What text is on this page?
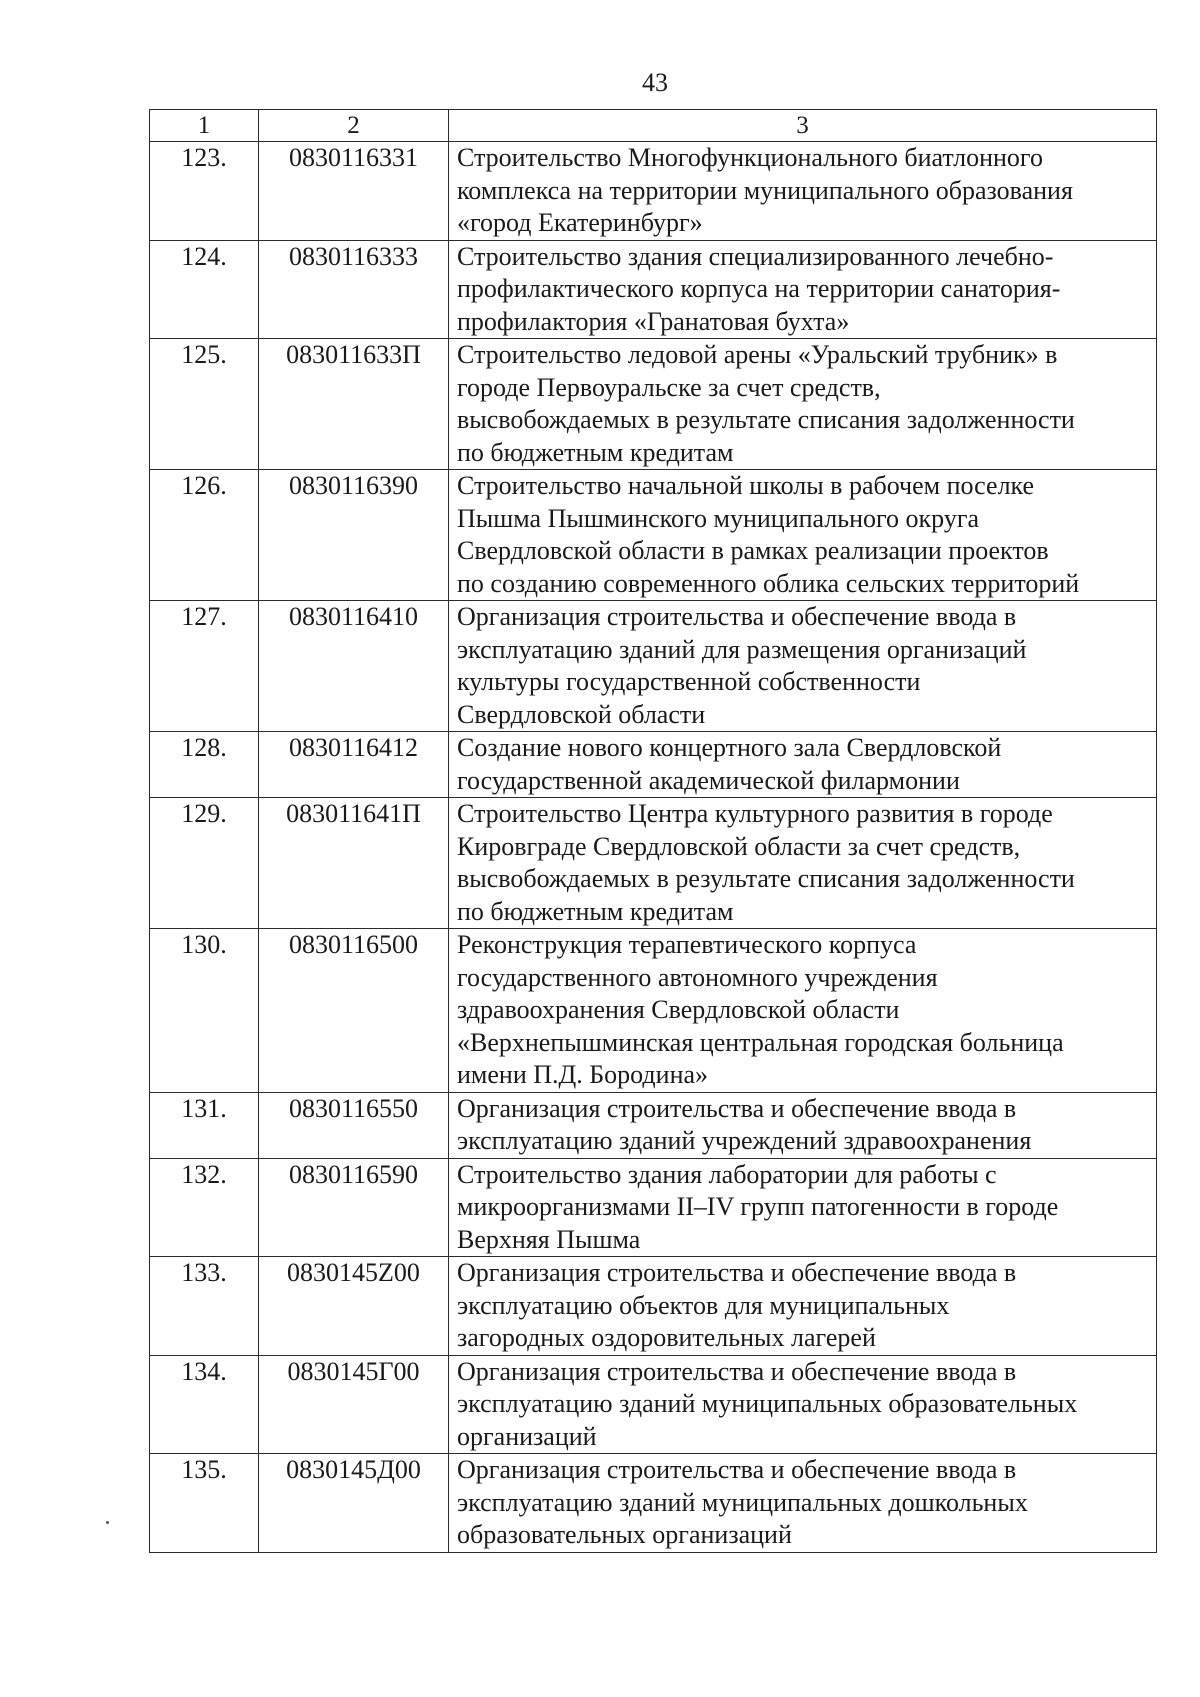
43
1	2	3
123.	0830116331	Строительство Многофункционального биатлонного
комплекса на территории муниципального образования
«город Екатеринбург»

124.	0830116333	Строительство здания специализированного лечебно-
профилактического корпуса на территории санатория-
профилактория «Гранатовая бухта»

125.	083011633П	Строительство ледовой арены «Уральский трубник» в
городе Первоуральске за счет средств,
высвобождаемых в результате списания задолженности
по бюджетным кредитам

126.	0830116390	Строительство начальной школы в рабочем поселке
Пышма Пышминского муниципального округа
Свердловской области в рамках реализации проектов
по созданию современного облика сельских территорий

127.	0830116410	Организация строительства и обеспечение ввода в
эксплуатацию зданий для размещения организаций
культуры государственной собственности
Свердловской области

128.	0830116412	Создание нового концертного зала Свердловской
государственной академической филармонии

129.	083011641П	Строительство Центра культурного развития в городе
Кировграде Свердловской области за счет средств,
высвобождаемых в результате списания задолженности
по бюджетным кредитам

130.	0830116500	Реконструкция терапевтического корпуса
государственного автономного учреждения
здравоохранения Свердловской области
«Верхнепышминская центральная городская больница
имени П.Д. Бородина»

131.	0830116550	Организация строительства и обеспечение ввода в
эксплуатацию зданий учреждений здравоохранения

132.	0830116590	Строительство здания лаборатории для работы с
микроорганизмами II–IV групп патогенности в городе
Верхняя Пышма

133.	0830145Z00	Организация строительства и обеспечение ввода в
эксплуатацию объектов для муниципальных
загородных оздоровительных лагерей

134.	0830145Г00	Организация строительства и обеспечение ввода в
эксплуатацию зданий муниципальных образовательных
организаций

135.	0830145Д00	Организация строительства и обеспечение ввода в
эксплуатацию зданий муниципальных дошкольных
образовательных организаций
